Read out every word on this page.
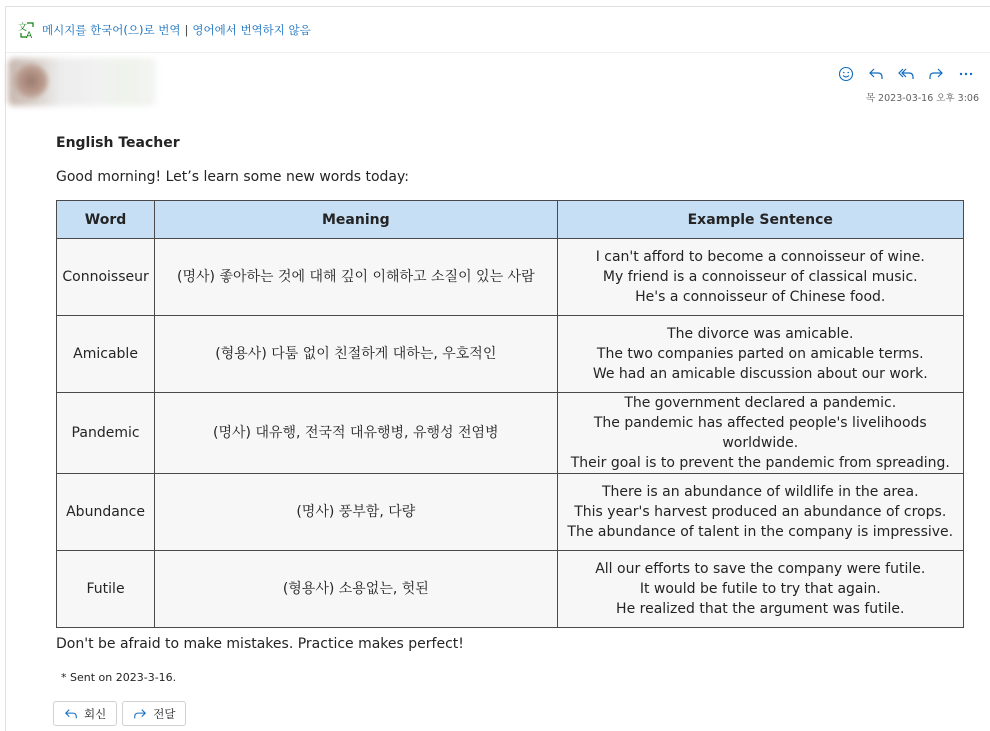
文
A 메시지를 한국어(으)로 번역 | 영어에서 번역하지 않음
목 2023-03-16 오후 3:06
English Teacher
Good morning! Let’s learn some new words today:
Word	Meaning	Example Sentence
Connoisseur	(명사) 좋아하는 것에 대해 깊이 이해하고 소질이 있는 사람	I can't afford to become a connoisseur of wine.
My friend is a connoisseur of classical music.
He's a connoisseur of Chinese food.

Amicable	(형용사) 다툼 없이 친절하게 대하는, 우호적인	The divorce was amicable.
The two companies parted on amicable terms.
We had an amicable discussion about our work.

Pandemic	(명사) 대유행, 전국적 대유행병, 유행성 전염병	The government declared a pandemic.
The pandemic has affected people's livelihoods worldwide.
Their goal is to prevent the pandemic from spreading.

Abundance	(명사) 풍부함, 다량	There is an abundance of wildlife in the area.
This year's harvest produced an abundance of crops.
The abundance of talent in the company is impressive.

Futile	(형용사) 소용없는, 헛된	All our efforts to save the company were futile.
It would be futile to try that again.
He realized that the argument was futile.
Don't be afraid to make mistakes. Practice makes perfect!
* Sent on 2023-3-16.
회신	전달
